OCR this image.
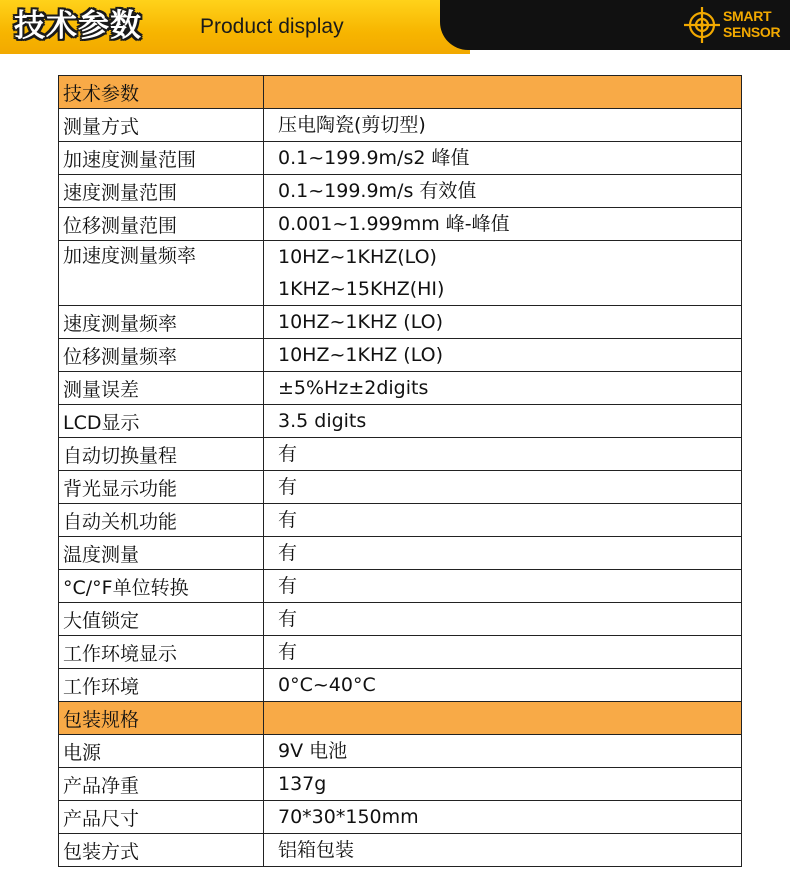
技术参数	Product display	SMART
SENSOR
技术参数	
测量方式	压电陶瓷(剪切型)

加速度测量范围	0.1~199.9m/s2 峰值

速度测量范围	0.1~199.9m/s 有效值

位移测量范围	0.001~1.999mm 峰-峰值

加速度测量频率	10HZ~1KHZ(LO)
1KHZ~15KHZ(HI)

速度测量频率	10HZ~1KHZ (LO)

位移测量频率	10HZ~1KHZ (LO)

测量误差	±5%Hz±2digits

LCD显示	3.5 digits

自动切换量程	有

背光显示功能	有

自动关机功能	有

温度测量	有

°C/°F单位转换	有

大值锁定	有

工作环境显示	有

工作环境	0°C~40°C

包装规格	
电源	9V 电池

产品净重	137g

产品尺寸	70*30*150mm

包装方式	铝箱包装
